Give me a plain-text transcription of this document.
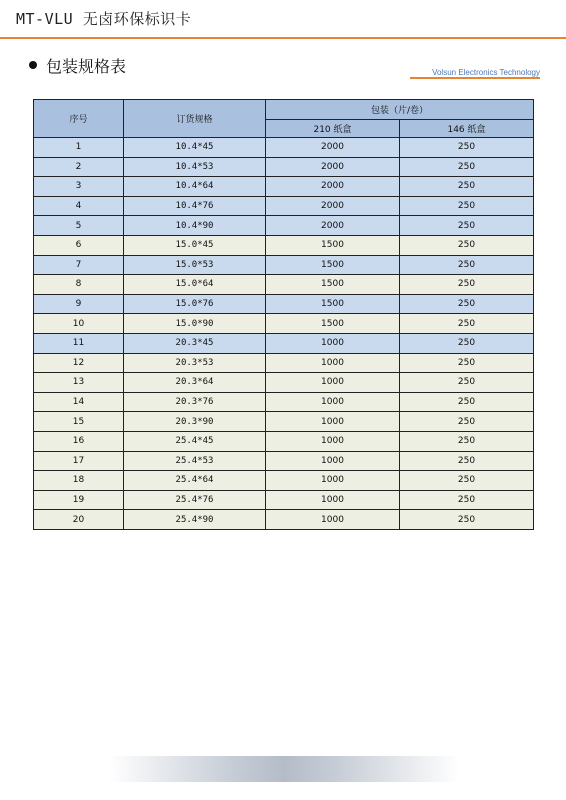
MT-VLU 无卤环保标识卡
包装规格表	Volsun Electronics Technology
序号	订货规格	包装（片/卷）	
		210 纸盒	146 纸盒
1	10.4*45	2000	250
2	10.4*53	2000	250
3	10.4*64	2000	250
4	10.4*76	2000	250
5	10.4*90	2000	250
6	15.0*45	1500	250
7	15.0*53	1500	250
8	15.0*64	1500	250
9	15.0*76	1500	250
10	15.0*90	1500	250
11	20.3*45	1000	250
12	20.3*53	1000	250
13	20.3*64	1000	250
14	20.3*76	1000	250
15	20.3*90	1000	250
16	25.4*45	1000	250
17	25.4*53	1000	250
18	25.4*64	1000	250
19	25.4*76	1000	250
20	25.4*90	1000	250
